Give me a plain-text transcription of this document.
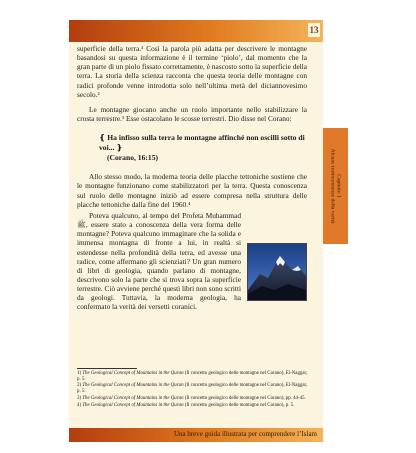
13

superficie della terra.¹ Così la parola più adatta per descrivere le montagne basandosi su questa informazione è il termine ‘piolo’, dal momento che la gran parte di un piolo fissato correttamente, è nascosto sotto la superficie della terra. La storia della scienza racconta che questa teoria delle montagne con radici profonde venne introdotta solo nell’ultima metà del diciannovesimo secolo.²

Le montagne giocano anche un ruolo importante nello stabilizzare la crosta terrestre.³ Esse ostacolano le scosse terrestri. Dio disse nel Corano:

❴ Ha infisso sulla terra le montagne affinché non oscilli sotto di voi... ❵

(Corano, 16:15)

Allo stesso modo, la moderna teoria delle placche tettoniche sostiene che le montagne funzionano come stabilizzatori per la terra. Questa conoscenza sul ruolo delle montagne iniziò ad essere compresa nella struttura delle placche tettoniche dalla fine del 1960.⁴

Poteva qualcuno, al tempo del Profeta Muhammad ﷺ, essere stato a conoscenza della vera forma delle montagne? Poteva qualcuno immaginare che la solida e immensa montagna di fronte a lui, in realtà si estendesse nella profondità della terra, ed avesse una radice, come affermano gli scienziati? Un gran numero di libri di geologia, quando parlano di montagne, descrivono solo la parte che si trova sopra la superficie terrestre. Ciò avviene perché questi libri non sono scritti da geologi. Tuttavia, la moderna geologia, ha confermato la verità dei versetti coranici.

1) The Geological Concept of Mountains in the Quran (Il concetto geologico delle montagne nel Corano), El-Naggar, p. 5.

2) The Geological Concept of Mountains in the Quran (Il concetto geologico delle montagne nel Corano), El-Naggar, p. 5.

3) The Geological Concept of Mountains in the Quran (Il concetto geologico delle montagne nel Corano), pp. 44-45.

4) The Geological Concept of Mountains in the Quran (Il concetto geologico delle montagne nel Corano), p. 5.

Una breve guida illustrata per comprendere l’Islam
Capitolo 1
Alcune testimonianze della verità
